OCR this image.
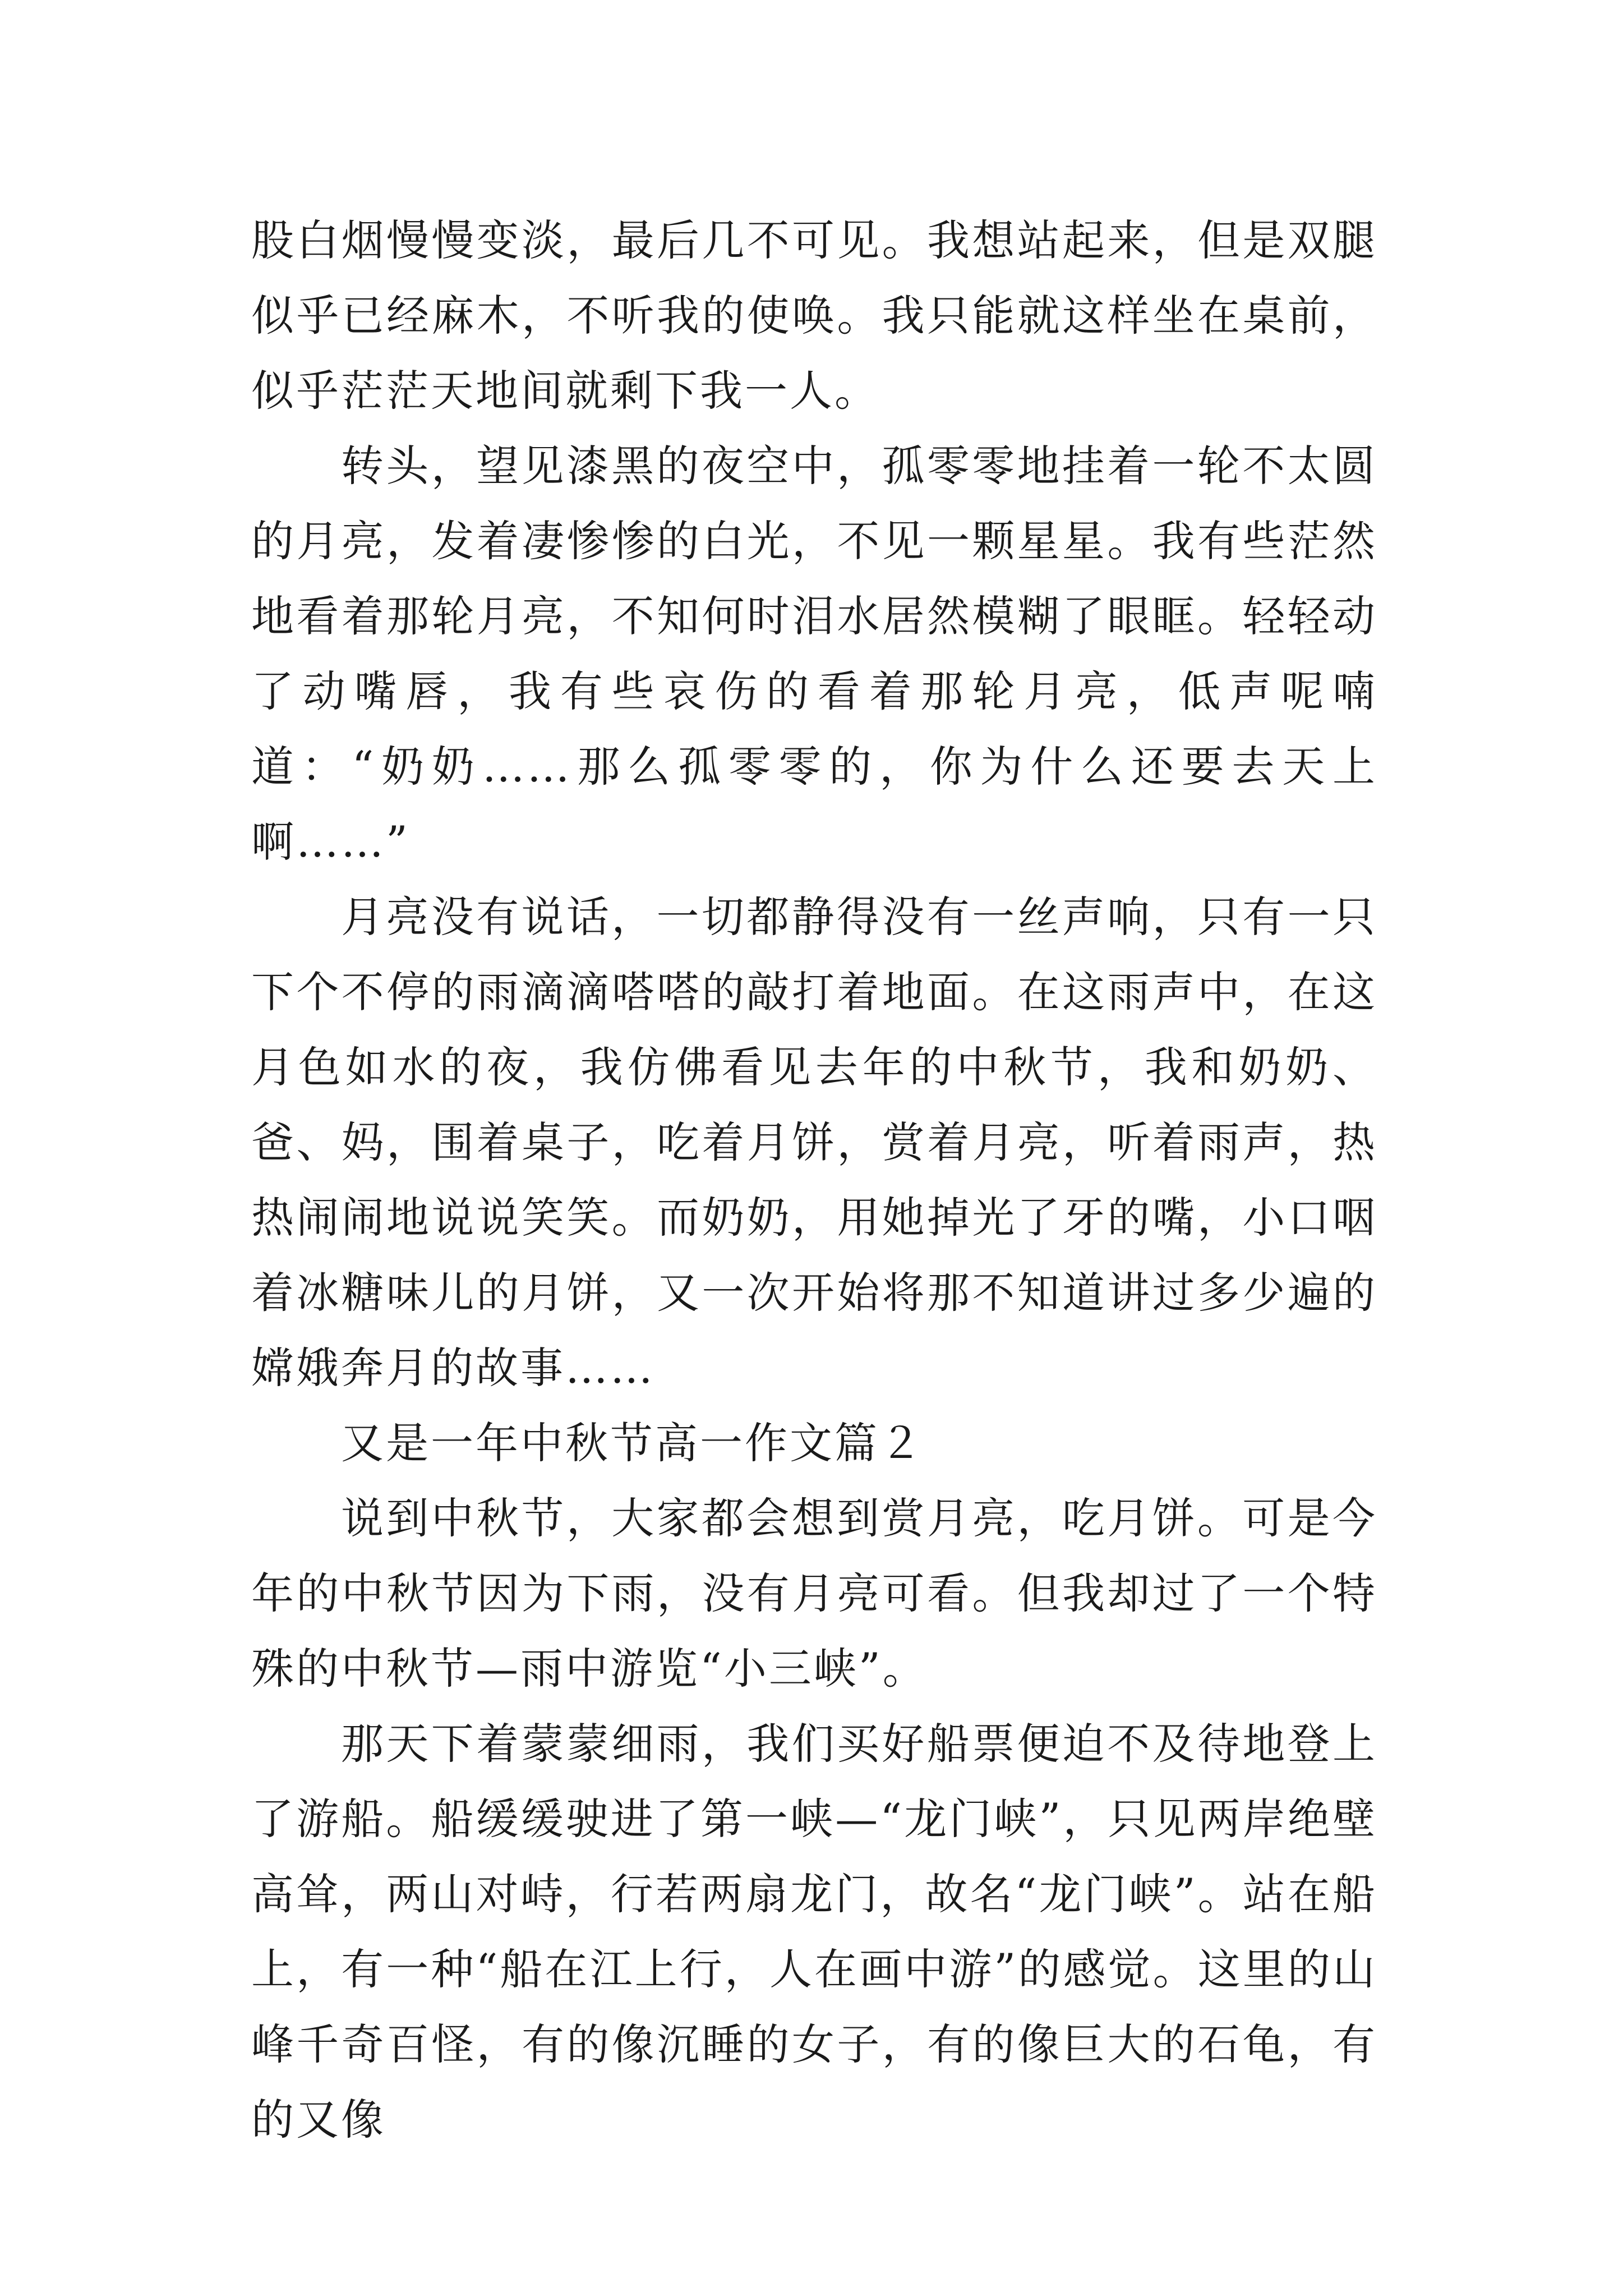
股白烟慢慢变淡，最后几不可见。我想站起来，但是双腿似乎已经麻木，不听我的使唤。我只能就这样坐在桌前，似乎茫茫天地间就剩下我一人。

转头，望见漆黑的夜空中，孤零零地挂着一轮不太圆的月亮，发着凄惨惨的白光，不见一颗星星。我有些茫然地看着那轮月亮，不知何时泪水居然模糊了眼眶。轻轻动了动嘴唇，我有些哀伤的看着那轮月亮，低声呢喃道：“奶奶……那么孤零零的，你为什么还要去天上啊……”

月亮没有说话，一切都静得没有一丝声响，只有一只下个不停的雨滴滴嗒嗒的敲打着地面。在这雨声中，在这月色如水的夜，我仿佛看见去年的中秋节，我和奶奶、爸、妈，围着桌子，吃着月饼，赏着月亮，听着雨声，热热闹闹地说说笑笑。而奶奶，用她掉光了牙的嘴，小口咽着冰糖味儿的月饼，又一次开始将那不知道讲过多少遍的嫦娥奔月的故事……

又是一年中秋节高一作文篇２

说到中秋节，大家都会想到赏月亮，吃月饼。可是今年的中秋节因为下雨，没有月亮可看。但我却过了一个特殊的中秋节—雨中游览“小三峡”。

那天下着蒙蒙细雨，我们买好船票便迫不及待地登上了游船。船缓缓驶进了第一峡—“龙门峡”，只见两岸绝壁高耸，两山对峙，行若两扇龙门，故名“龙门峡”。站在船上，有一种“船在江上行，人在画中游”的感觉。这里的山峰千奇百怪，有的像沉睡的女子，有的像巨大的石龟，有的又像
